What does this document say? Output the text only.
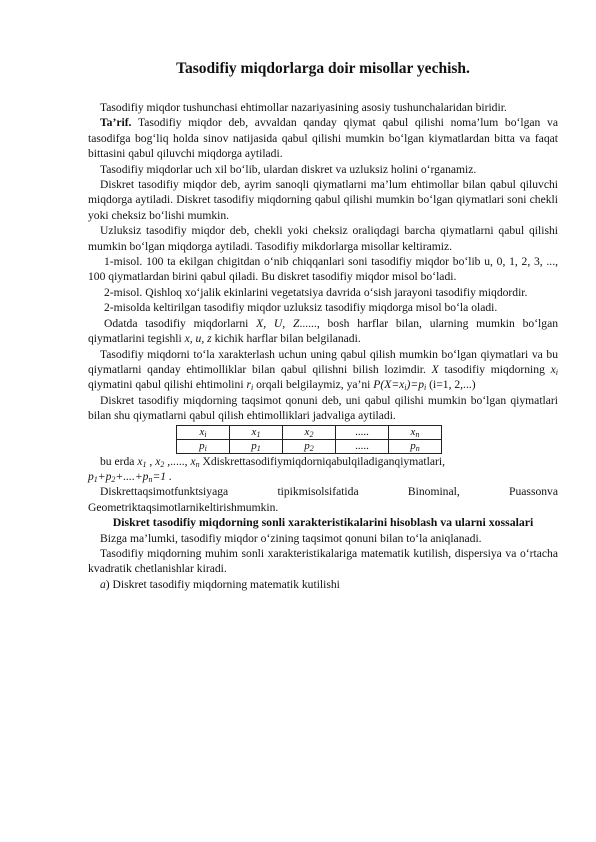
Tasodifiy miqdorlarga doir misollar yechish.

Tasodifiy miqdor tushunchasi ehtimollar nazariyasining asosiy tushunchalaridan biridir.

Ta’rif. Tasodifiy miqdor deb, avvaldan qanday qiymat qabul qilishi noma’lum bo‘lgan va tasodifga bog‘liq holda sinov natijasida qabul qilishi mumkin bo‘lgan kiymatlardan bitta va faqat bittasini qabul qiluvchi miqdorga aytiladi.

Tasodifiy miqdorlar uch xil bo‘lib, ulardan diskret va uzluksiz holini o‘rganamiz.

Diskret tasodifiy miqdor deb, ayrim sanoqli qiymatlarni ma’lum ehtimollar bilan qabul qiluvchi miqdorga aytiladi. Diskret tasodifiy miqdorning qabul qilishi mumkin bo‘lgan qiymatlari soni chekli yoki cheksiz bo‘lishi mumkin.

Uzluksiz tasodifiy miqdor deb, chekli yoki cheksiz oraliqdagi barcha qiymatlarni qabul qilishi mumkin bo‘lgan miqdorga aytiladi. Tasodifiy mikdorlarga misollar keltiramiz.

1-misol. 100 ta ekilgan chigitdan o‘nib chiqqanlari soni tasodifiy miqdor bo‘lib u, 0, 1, 2, 3, ..., 100 qiymatlardan birini qabul qiladi. Bu diskret tasodifiy miqdor misol bo‘ladi.

2-misol. Qishloq xo‘jalik ekinlarini vegetatsiya davrida o‘sish jarayoni tasodifiy miqdordir.

2-misolda keltirilgan tasodifiy miqdor uzluksiz tasodifiy miqdorga misol bo‘la oladi.

Odatda tasodifiy miqdorlarni X, U, Z......, bosh harflar bilan, ularning mumkin bo‘lgan qiymatlarini tegishli x, u, z kichik harflar bilan belgilanadi.

Tasodifiy miqdorni to‘la xarakterlash uchun uning qabul qilish mumkin bo‘lgan qiymatlari va bu qiymatlarni qanday ehtimolliklar bilan qabul qilishni bilish lozimdir. X tasodifiy miqdorning $x_i$ qiymatini qabul qilishi ehtimolini $r_i$ orqali belgilaymiz, ya’ni $P(X=x_i)=p_i$ (i=1, 2,...)

Diskret tasodifiy miqdorning taqsimot qonuni deb, uni qabul qilishi mumkin bo‘lgan qiymatlari bilan shu qiymatlarni qabul qilish ehtimolliklari jadvaliga aytiladi.

$x_i$	$x_1$	$x_2$	.....	$x_n$
$p_i$	$p_1$	$p_2$	.....	$p_n$

bu erda $x_1$ , $x_2$ ,....., $x_n$ Xdiskrettasodifiymiqdorniqabulqiladiganqiymatlari,
$p_1+p_2+....+p_n=1$ .

Diskrettaqsimotfunktsiyaga tipikmisolsifatida Binominal, Puassonva Geometriktaqsimotlarnikeltirishmumkin.

Diskret tasodifiy miqdorning sonli xarakteristikalarini hisoblash va ularni xossalari

Bizga ma’lumki, tasodifiy miqdor o‘zining taqsimot qonuni bilan to‘la aniqlanadi.

Tasodifiy miqdorning muhim sonli xarakteristikalariga matematik kutilish, dispersiya va o‘rtacha kvadratik chetlanishlar kiradi.

a) Diskret tasodifiy miqdorning matematik kutilishi
